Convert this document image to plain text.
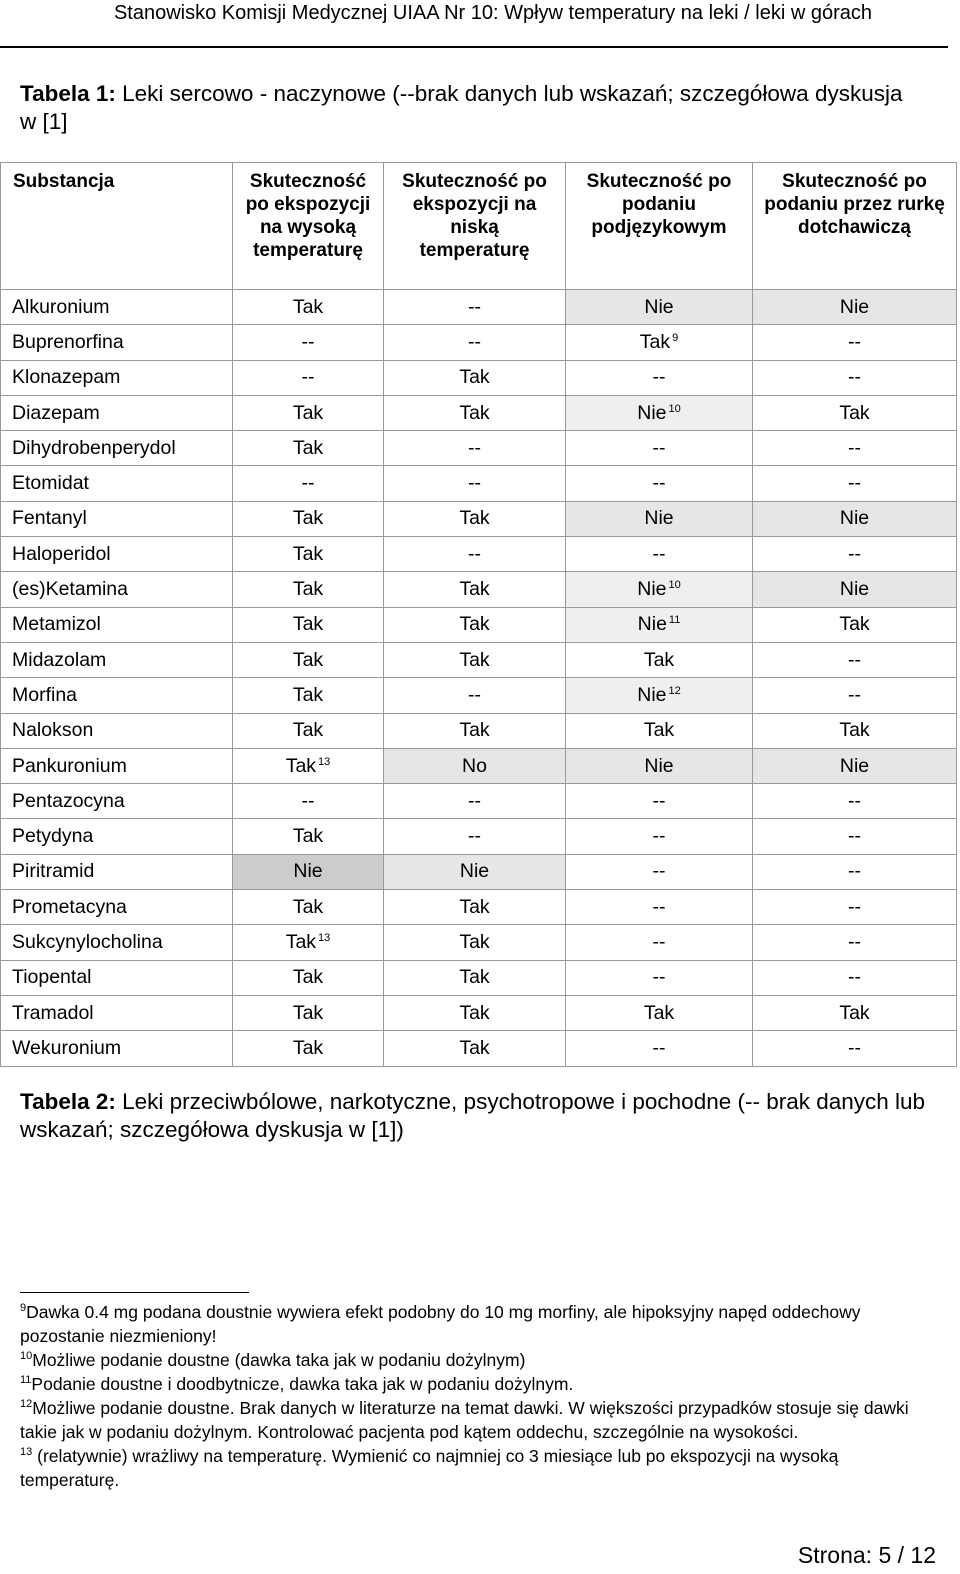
Stanowisko Komisji Medycznej UIAA Nr 10: Wpływ temperatury na leki / leki w górach
Tabela 1: Leki sercowo - naczynowe (--brak danych lub wskazań; szczegółowa dyskusja w [1]
Substancja	Skuteczność po ekspozycji na wysoką temperaturę	Skuteczność po ekspozycji na niską temperaturę	Skuteczność po podaniu podjęzykowym	Skuteczność po podaniu przez rurkę dotchawiczą
Alkuronium	Tak	--	Nie	Nie
Buprenorfina	--	--	Tak $^9$	--
Klonazepam	--	Tak	--	--
Diazepam	Tak	Tak	Nie $^{10}$	Tak
Dihydrobenperydol	Tak	--	--	--
Etomidat	--	--	--	--
Fentanyl	Tak	Tak	Nie	Nie
Haloperidol	Tak	--	--	--
(es)Ketamina	Tak	Tak	Nie $^{10}$	Nie
Metamizol	Tak	Tak	Nie $^{11}$	Tak
Midazolam	Tak	Tak	Tak	--
Morfina	Tak	--	Nie $^{12}$	--
Nalokson	Tak	Tak	Tak	Tak
Pankuronium	Tak $^{13}$	No	Nie	Nie
Pentazocyna	--	--	--	--
Petydyna	Tak	--	--	--
Piritramid	Nie	Nie	--	--
Prometacyna	Tak	Tak	--	--
Sukcynylocholina	Tak $^{13}$	Tak	--	--
Tiopental	Tak	Tak	--	--
Tramadol	Tak	Tak	Tak	Tak
Wekuronium	Tak	Tak	--	--
Tabela 2: Leki przeciwbólowe, narkotyczne, psychotropowe i pochodne (-- brak danych lub wskazań; szczegółowa dyskusja w [1])

$^9$Dawka 0.4 mg podana doustnie wywiera efekt podobny do 10 mg morfiny, ale hipoksyjny napęd oddechowy pozostanie niezmieniony!

$^{10}$Możliwe podanie doustne (dawka taka jak w podaniu dożylnym)

$^{11}$Podanie doustne i doodbytnicze, dawka taka jak w podaniu dożylnym.

$^{12}$Możliwe podanie doustne. Brak danych w literaturze na temat dawki. W większości przypadków stosuje się dawki takie jak w podaniu dożylnym. Kontrolować pacjenta pod kątem oddechu, szczególnie na wysokości.

$^{13}$ (relatywnie) wrażliwy na temperaturę. Wymienić co najmniej co 3 miesiące lub po ekspozycji na wysoką temperaturę.

Strona: 5 / 12
